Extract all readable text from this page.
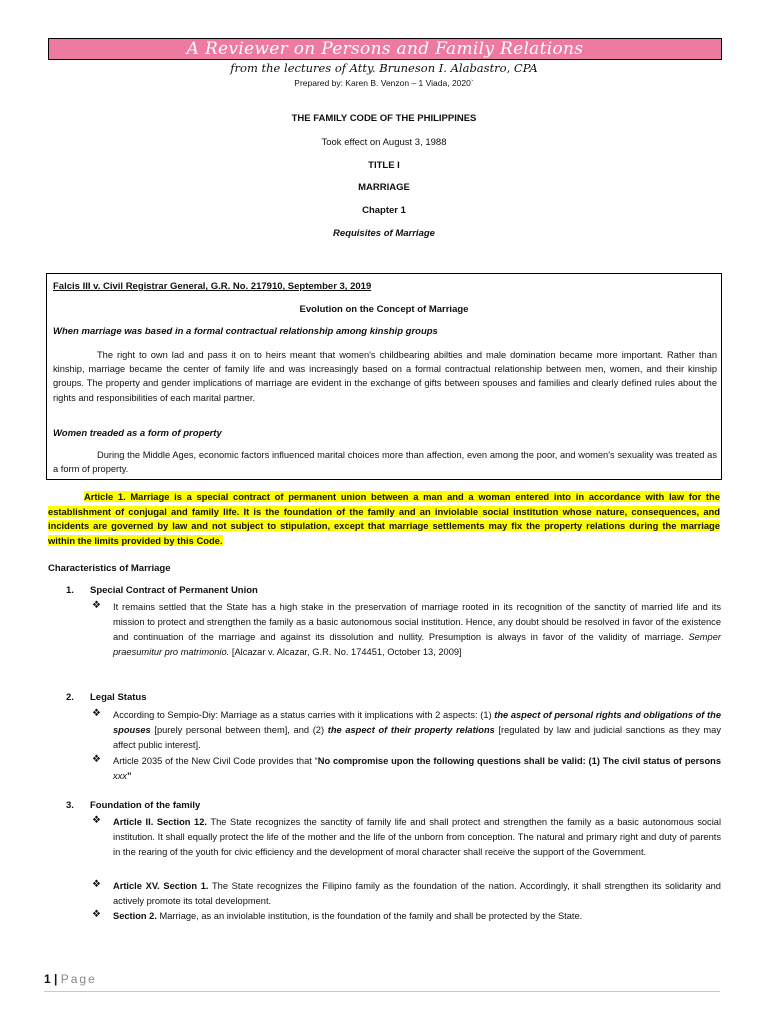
A Reviewer on Persons and Family Relations
from the lectures of Atty. Bruneson I. Alabastro, CPA
Prepared by: Karen B. Venzon – 1 Viada, 2020`
THE FAMILY CODE OF THE PHILIPPINES
Took effect on August 3, 1988
TITLE I
MARRIAGE
Chapter 1
Requisites of Marriage
Falcis III v. Civil Registrar General, G.R. No. 217910, September 3, 2019
Evolution on the Concept of Marriage
When marriage was based in a formal contractual relationship among kinship groups
The right to own lad and pass it on to heirs meant that women's childbearing abilties and male domination became more important. Rather than kinship, marriage became the center of family life and was increasingly based on a formal contractual relationship between men, women, and their kinship groups. The property and gender implications of marriage are evident in the exchange of gifts between spouses and families and clearly defined rules about the rights and responsibilities of each marital partner.
Women treaded as a form of property
During the Middle Ages, economic factors influenced marital choices more than affection, even among the poor, and women's sexuality was treated as a form of property.
Article 1. Marriage is a special contract of permanent union between a man and a woman entered into in accordance with law for the establishment of conjugal and family life. It is the foundation of the family and an inviolable social institution whose nature, consequences, and incidents are governed by law and not subject to stipulation, except that marriage settlements may fix the property relations during the marriage within the limits provided by this Code.
Characteristics of Marriage
1. Special Contract of Permanent Union
❖ It remains settled that the State has a high stake in the preservation of marriage rooted in its recognition of the sanctity of married life and its mission to protect and strengthen the family as a basic autonomous social institution. Hence, any doubt should be resolved in favor of the existence and continuation of the marriage and against its dissolution and nullity. Presumption is always in favor of the validity of marriage. Semper praesumitur pro matrimonio. [Alcazar v. Alcazar, G.R. No. 174451, October 13, 2009]
2. Legal Status
❖ According to Sempio-Diy: Marriage as a status carries with it implications with 2 aspects: (1) the aspect of personal rights and obligations of the spouses [purely personal between them], and (2) the aspect of their property relations [regulated by law and judicial sanctions as they may affect public interest].
❖ Article 2035 of the New Civil Code provides that “No compromise upon the following questions shall be valid: (1) The civil status of persons xxx”
3. Foundation of the family
❖ Article II. Section 12. The State recognizes the sanctity of family life and shall protect and strengthen the family as a basic autonomous social institution. It shall equally protect the life of the mother and the life of the unborn from conception. The natural and primary right and duty of parents in the rearing of the youth for civic efficiency and the development of moral character shall receive the support of the Government.
❖ Article XV. Section 1. The State recognizes the Filipino family as the foundation of the nation. Accordingly, it shall strengthen its solidarity and actively promote its total development.
❖ Section 2. Marriage, as an inviolable institution, is the foundation of the family and shall be protected by the State.
1 | Page
